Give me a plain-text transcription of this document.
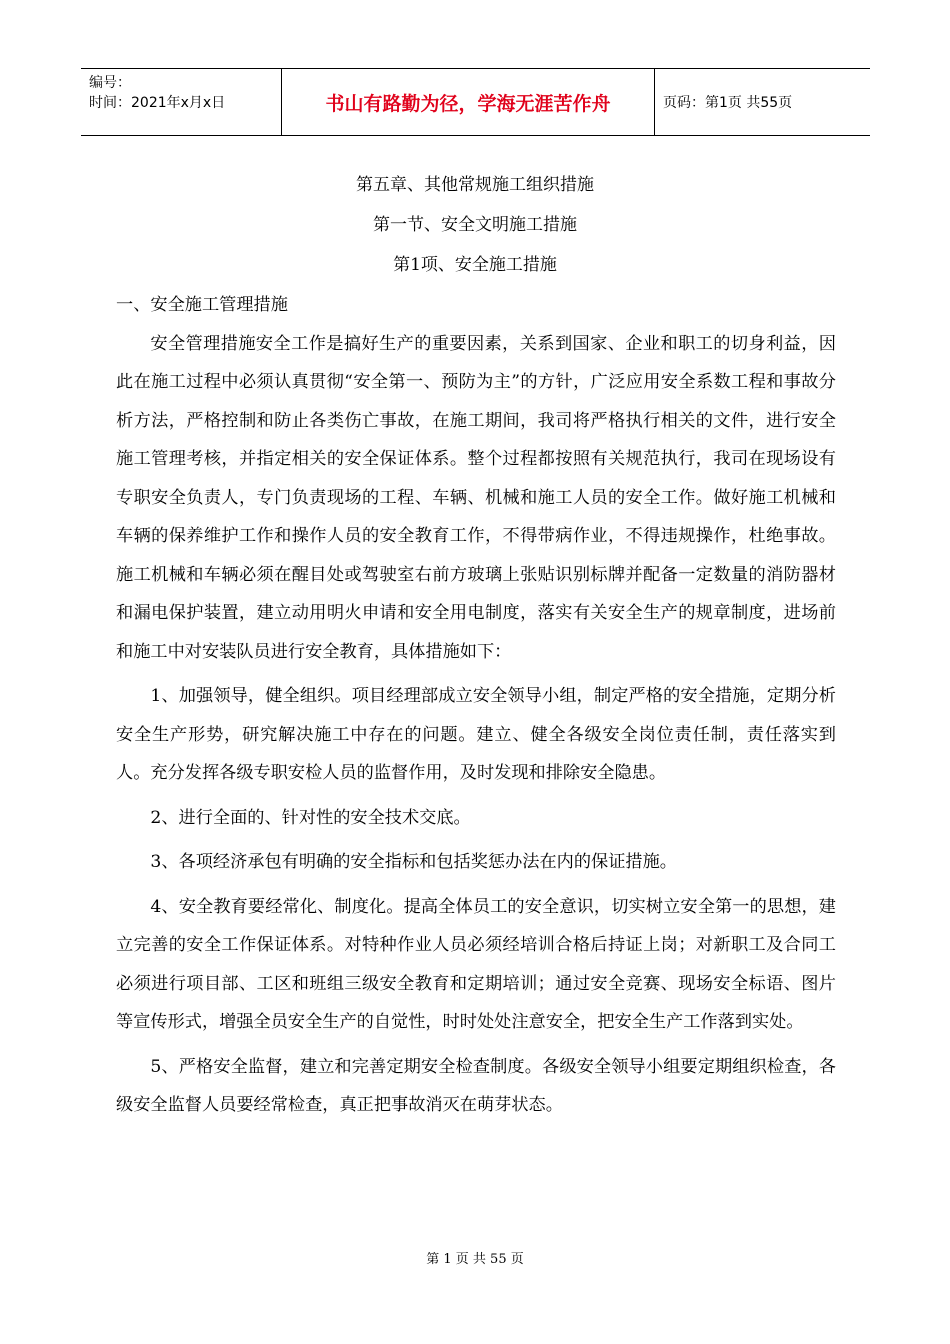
编号：
时间：2021年x月x日	书山有路勤为径，学海无涯苦作舟	页码：第1页 共55页
第五章、其他常规施工组织措施
第一节、安全文明施工措施
第1项、安全施工措施

一、安全施工管理措施

安全管理措施安全工作是搞好生产的重要因素，关系到国家、企业和职工的切身利益，因此在施工过程中必须认真贯彻“安全第一、预防为主”的方针，广泛应用安全系数工程和事故分析方法，严格控制和防止各类伤亡事故，在施工期间，我司将严格执行相关的文件，进行安全施工管理考核，并指定相关的安全保证体系。整个过程都按照有关规范执行，我司在现场设有专职安全负责人，专门负责现场的工程、车辆、机械和施工人员的安全工作。做好施工机械和车辆的保养维护工作和操作人员的安全教育工作，不得带病作业，不得违规操作，杜绝事故。施工机械和车辆必须在醒目处或驾驶室右前方玻璃上张贴识别标牌并配备一定数量的消防器材和漏电保护装置，建立动用明火申请和安全用电制度，落实有关安全生产的规章制度，进场前和施工中对安装队员进行安全教育，具体措施如下：

1、加强领导，健全组织。项目经理部成立安全领导小组，制定严格的安全措施，定期分析安全生产形势，研究解决施工中存在的问题。建立、健全各级安全岗位责任制，责任落实到人。充分发挥各级专职安检人员的监督作用，及时发现和排除安全隐患。

2、进行全面的、针对性的安全技术交底。

3、各项经济承包有明确的安全指标和包括奖惩办法在内的保证措施。

4、安全教育要经常化、制度化。提高全体员工的安全意识，切实树立安全第一的思想，建立完善的安全工作保证体系。对特种作业人员必须经培训合格后持证上岗；对新职工及合同工必须进行项目部、工区和班组三级安全教育和定期培训；通过安全竞赛、现场安全标语、图片等宣传形式，增强全员安全生产的自觉性，时时处处注意安全，把安全生产工作落到实处。

5、严格安全监督，建立和完善定期安全检查制度。各级安全领导小组要定期组织检查，各级安全监督人员要经常检查，真正把事故消灭在萌芽状态。

第 1 页 共 55 页
